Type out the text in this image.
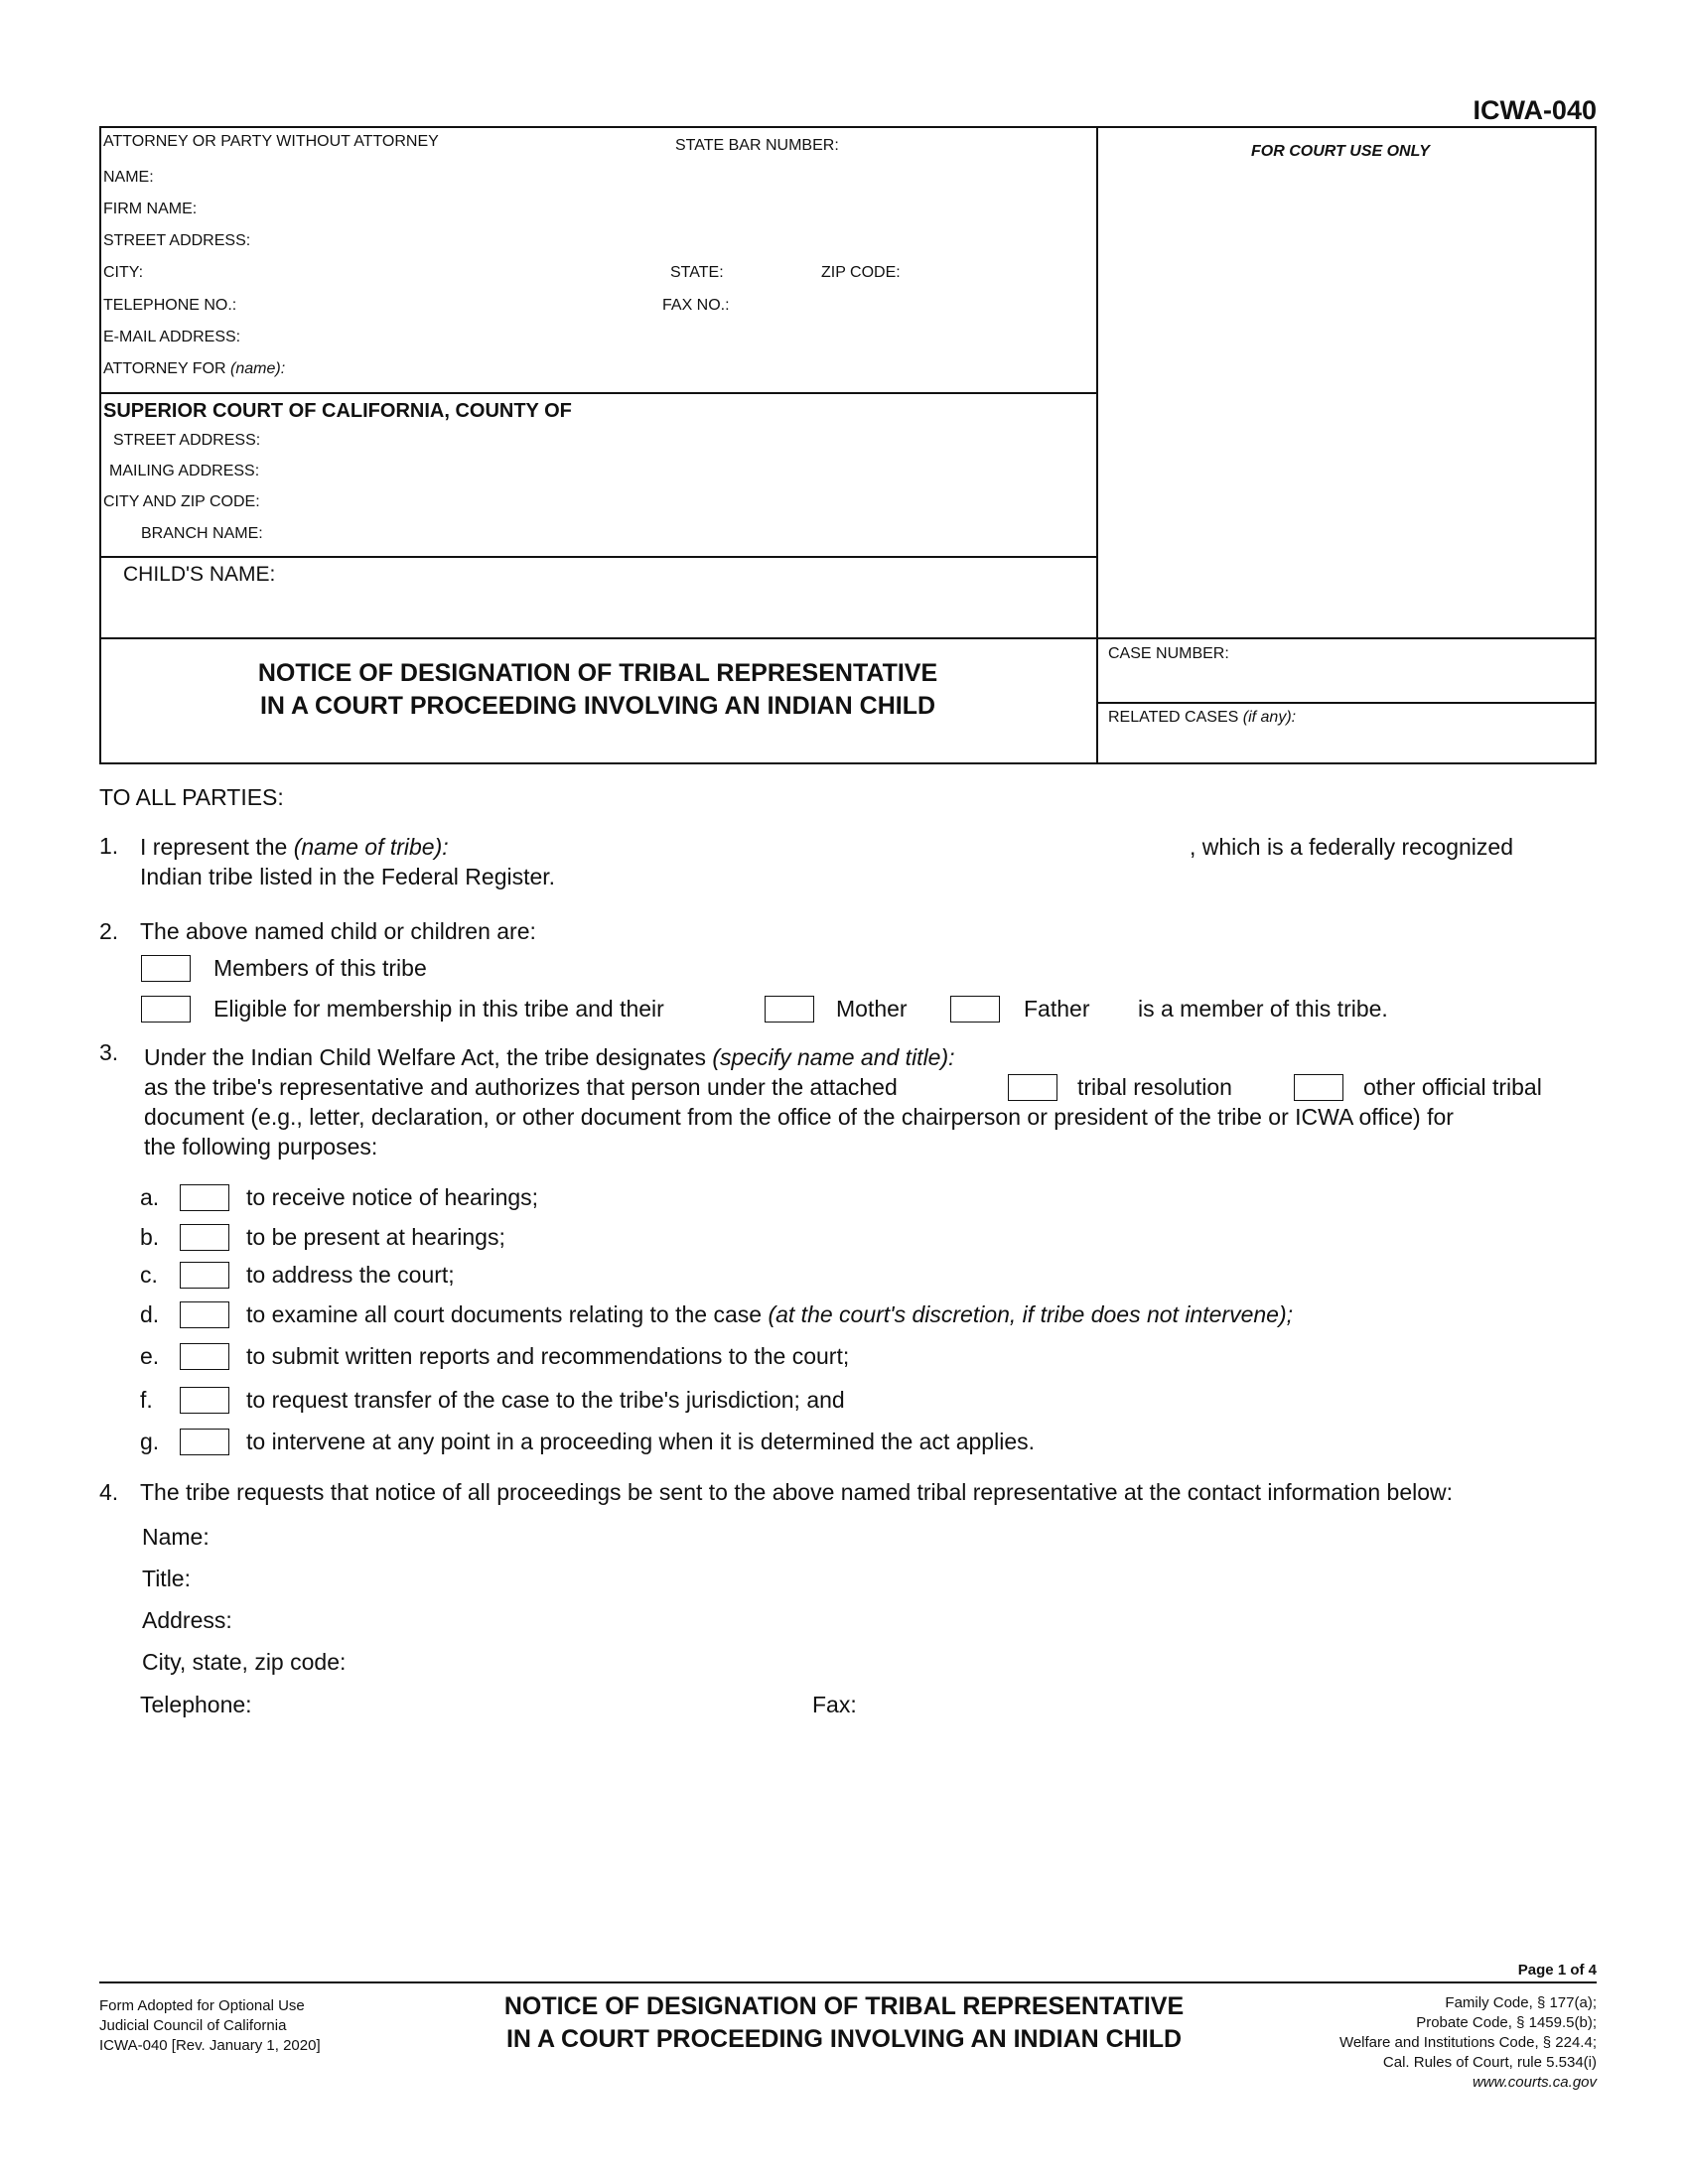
ICWA-040
ATTORNEY OR PARTY WITHOUT ATTORNEY	STATE BAR NUMBER:	FOR COURT USE ONLY
NAME:
FIRM NAME:
STREET ADDRESS:
CITY:	STATE:	ZIP CODE:
TELEPHONE NO.:	FAX NO.:
E-MAIL ADDRESS:
ATTORNEY FOR (name):
SUPERIOR COURT OF CALIFORNIA, COUNTY OF
STREET ADDRESS:
MAILING ADDRESS:
CITY AND ZIP CODE:
BRANCH NAME:
CHILD'S NAME:
NOTICE OF DESIGNATION OF TRIBAL REPRESENTATIVE
IN A COURT PROCEEDING INVOLVING AN INDIAN CHILD
CASE NUMBER:
RELATED CASES (if any):
TO ALL PARTIES:
1. I represent the (name of tribe):	, which is a federally recognized
Indian tribe listed in the Federal Register.
2. The above named child or children are:
Members of this tribe
Eligible for membership in this tribe and their	Mother	Father is a member of this tribe.
3. Under the Indian Child Welfare Act, the tribe designates (specify name and title):
as the tribe's representative and authorizes that person under the attached	tribal resolution	other official tribal
document (e.g., letter, declaration, or other document from the office of the chairperson or president of the tribe or ICWA office) for
the following purposes:
a.	to receive notice of hearings;
b.	to be present at hearings;
c.	to address the court;
d.	to examine all court documents relating to the case (at the court's discretion, if tribe does not intervene);
e.	to submit written reports and recommendations to the court;
f.	to request transfer of the case to the tribe's jurisdiction; and
g.	to intervene at any point in a proceeding when it is determined the act applies.
4. The tribe requests that notice of all proceedings be sent to the above named tribal representative at the contact information below:
Name:
Title:
Address:
City, state, zip code:
Telephone:	Fax:
Page 1 of 4
Form Adopted for Optional Use
Judicial Council of California
ICWA-040 [Rev. January 1, 2020]
NOTICE OF DESIGNATION OF TRIBAL REPRESENTATIVE
IN A COURT PROCEEDING INVOLVING AN INDIAN CHILD
Family Code, § 177(a);
Probate Code, § 1459.5(b);
Welfare and Institutions Code, § 224.4;
Cal. Rules of Court, rule 5.534(i)
www.courts.ca.gov
